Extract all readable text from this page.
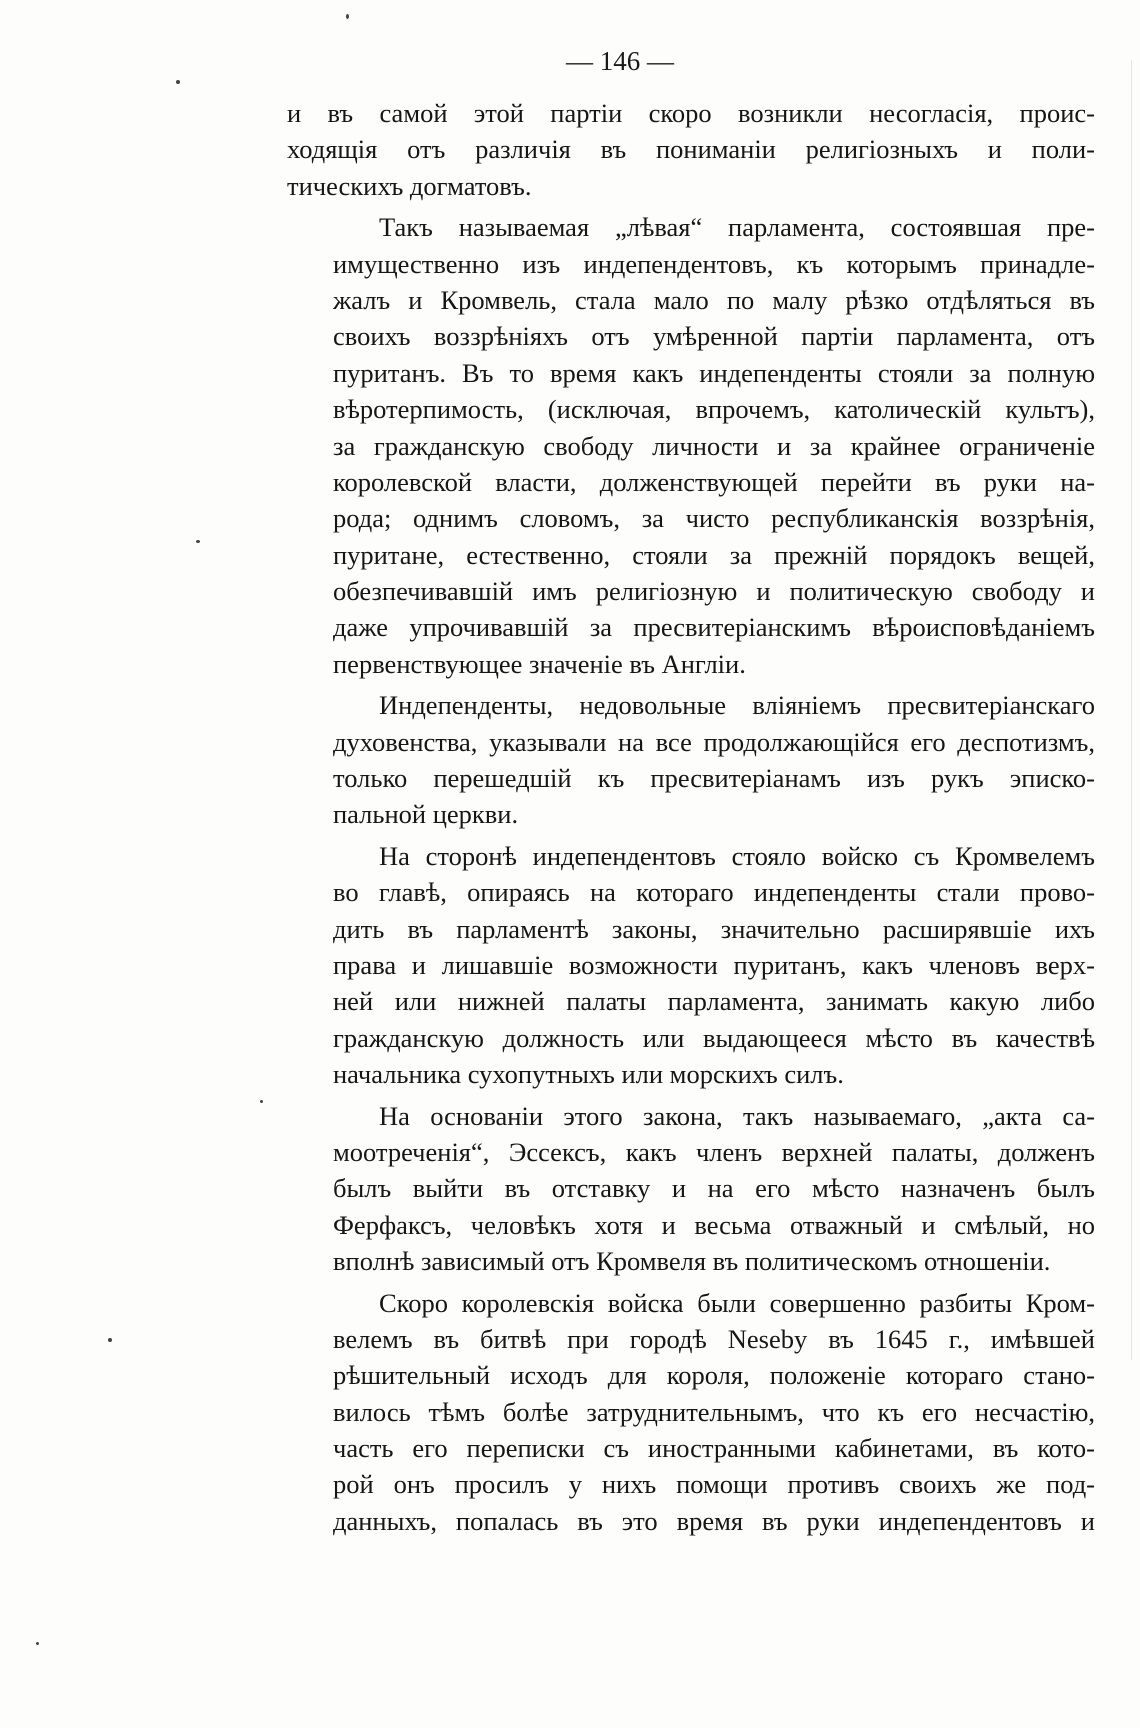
— 146 —

и въ самой этой партіи скоро возникли несогласія, проис-
ходящія отъ различія въ пониманіи религіозныхъ и поли-
тическихъ догматовъ.

Такъ называемая „лѣвая“ парламента, состоявшая пре-
имущественно изъ индепендентовъ, къ которымъ принадле-
жалъ и Кромвель, стала мало по малу рѣзко отдѣляться въ
своихъ воззрѣніяхъ отъ умѣренной партіи парламента, отъ
пуританъ. Въ то время какъ индепенденты стояли за полную
вѣротерпимость, (исключая, впрочемъ, католическій культъ),
за гражданскую свободу личности и за крайнее ограниченіе
королевской власти, долженствующей перейти въ руки на-
рода; однимъ словомъ, за чисто республиканскія воззрѣнія,
пуритане, естественно, стояли за прежній порядокъ вещей,
обезпечивавшій имъ религіозную и политическую свободу и
даже упрочивавшій за пресвитеріанскимъ вѣроисповѣданіемъ
первенствующее значеніе въ Англіи.

Индепенденты, недовольные вліяніемъ пресвитеріанскаго
духовенства, указывали на все продолжающійся его деспотизмъ,
только перешедшій къ пресвитеріанамъ изъ рукъ эписко-
пальной церкви.

На сторонѣ индепендентовъ стояло войско съ Кромвелемъ
во главѣ, опираясь на котораго индепенденты стали прово-
дить въ парламентѣ законы, значительно расширявшіе ихъ
права и лишавшіе возможности пуританъ, какъ членовъ верх-
ней или нижней палаты парламента, занимать какую либо
гражданскую должность или выдающееся мѣсто въ качествѣ
начальника сухопутныхъ или морскихъ силъ.

На основаніи этого закона, такъ называемаго, „акта са-
моотреченія“, Эссексъ, какъ членъ верхней палаты, долженъ
былъ выйти въ отставку и на его мѣсто назначенъ былъ
Ферфаксъ, человѣкъ хотя и весьма отважный и смѣлый, но
вполнѣ зависимый отъ Кромвеля въ политическомъ отношеніи.

Скоро королевскія войска были совершенно разбиты Кром-
велемъ въ битвѣ при городѣ Neseby въ 1645 г., имѣвшей
рѣшительный исходъ для короля, положеніе котораго стано-
вилось тѣмъ болѣе затруднительнымъ, что къ его несчастію,
часть его переписки съ иностранными кабинетами, въ кото-
рой онъ просилъ у нихъ помощи противъ своихъ же под-
данныхъ, попалась въ это время въ руки индепендентовъ и
